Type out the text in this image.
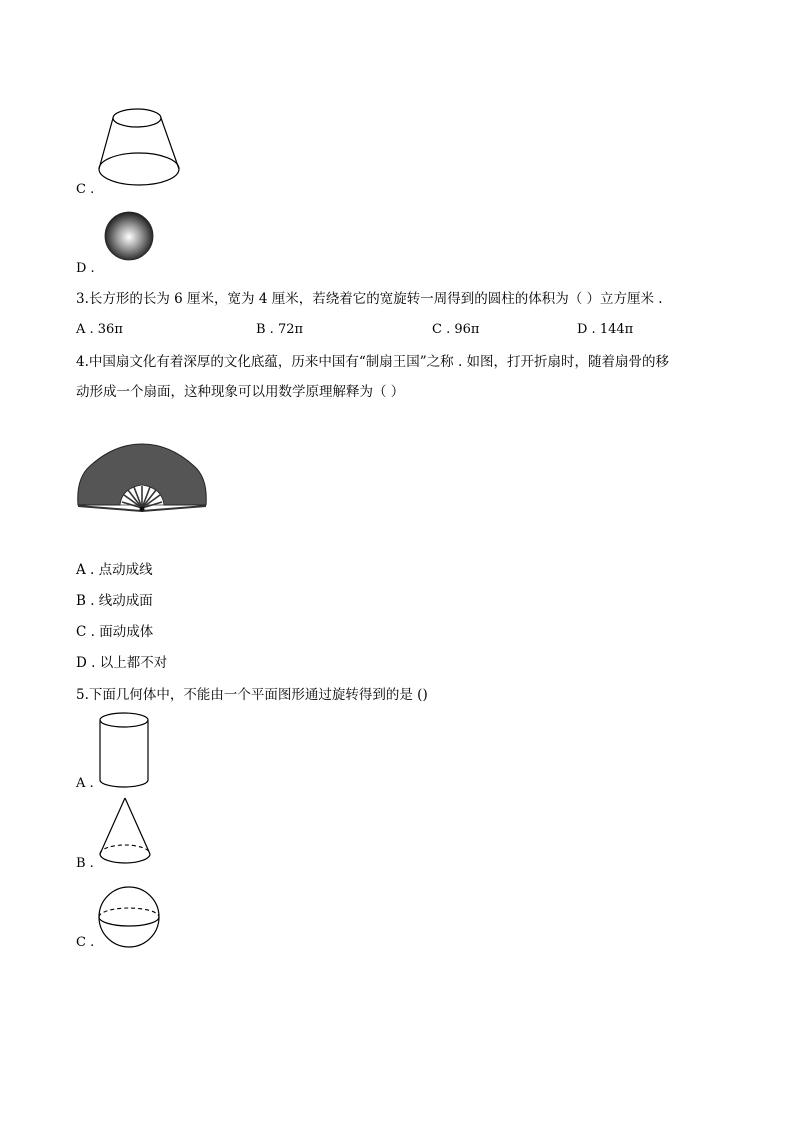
C .
D .
3.长方形的长为 6 厘米，宽为 4 厘米，若绕着它的宽旋转一周得到的圆柱的体积为（ ）立方厘米 .
A . 36π	B . 72π	C . 96π	D . 144π
4.中国扇文化有着深厚的文化底蕴，历来中国有“制扇王国”之称 . 如图，打开折扇时，随着扇骨的移
动形成一个扇面，这种现象可以用数学原理解释为（ ）
A . 点动成线
B . 线动成面
C . 面动成体
D . 以上都不对
5.下面几何体中，不能由一个平面图形通过旋转得到的是 ()
A .
B .
C .
